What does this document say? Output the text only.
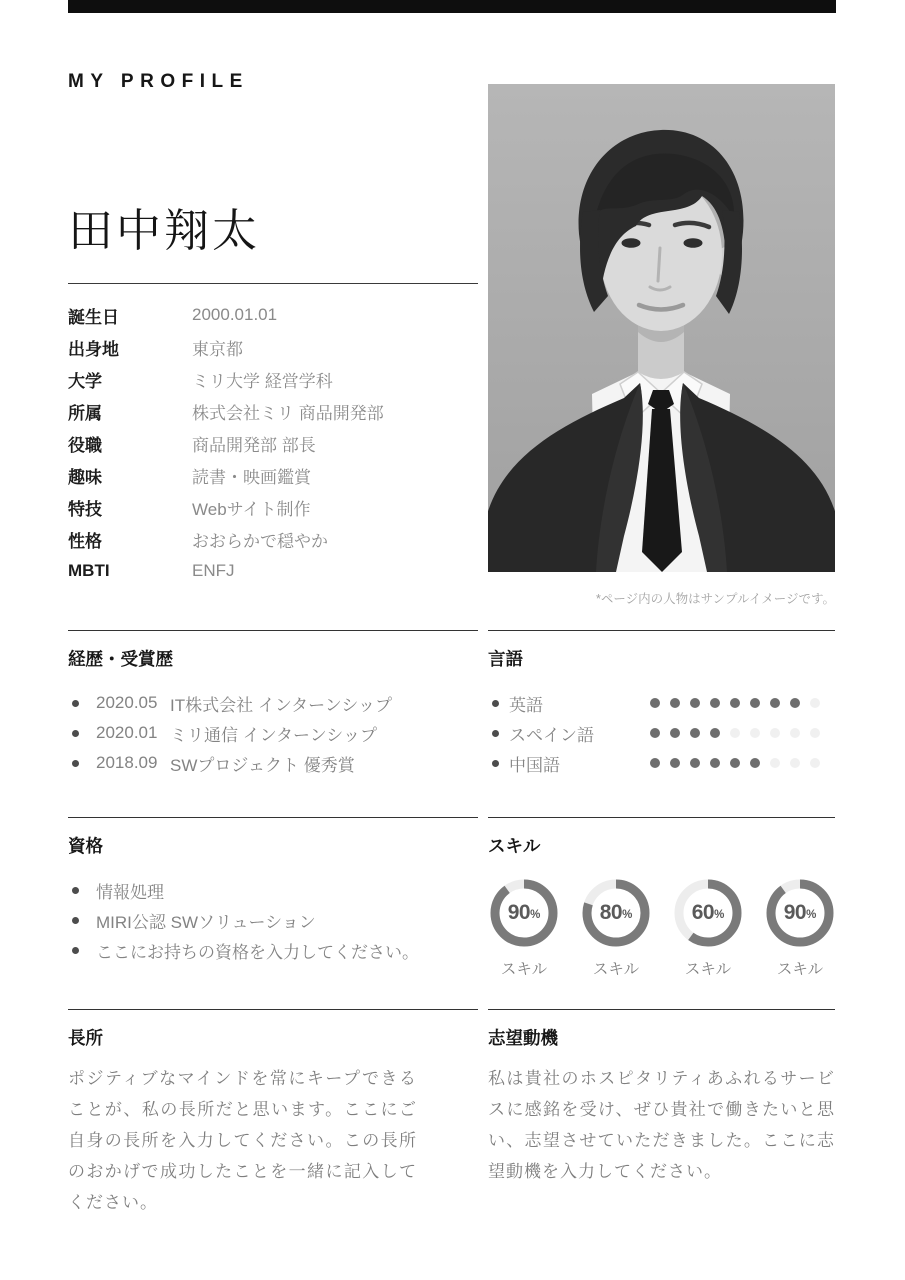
MY PROFILE
田中翔太
誕生日	2000.01.01
出身地	東京都
大学	ミリ大学 経営学科
所属	株式会社ミリ 商品開発部
役職	商品開発部 部長
趣味	読書・映画鑑賞
特技	Webサイト制作
性格	おおらかで穏やか
MBTI	ENFJ
*ページ内の人物はサンプルイメージです。
経歴・受賞歴
2020.05 IT株式会社 インターンシップ
2020.01 ミリ通信 インターンシップ
2018.09 SWプロジェクト 優秀賞
言語
英語
スペイン語
中国語
資格
情報処理
MIRI公認 SWソリューション
ここにお持ちの資格を入力してください。
スキル
90 %
スキル
80 %
スキル
60 %
スキル
90 %
スキル
長所
ポジティブなマインドを常にキープできることが、私の長所だと思います。ここにご自身の長所を入力してください。この長所のおかげで成功したことを一緒に記入してください。
志望動機
私は貴社のホスピタリティあふれるサービスに感銘を受け、ぜひ貴社で働きたいと思い、志望させていただきました。ここに志望動機を入力してください。
